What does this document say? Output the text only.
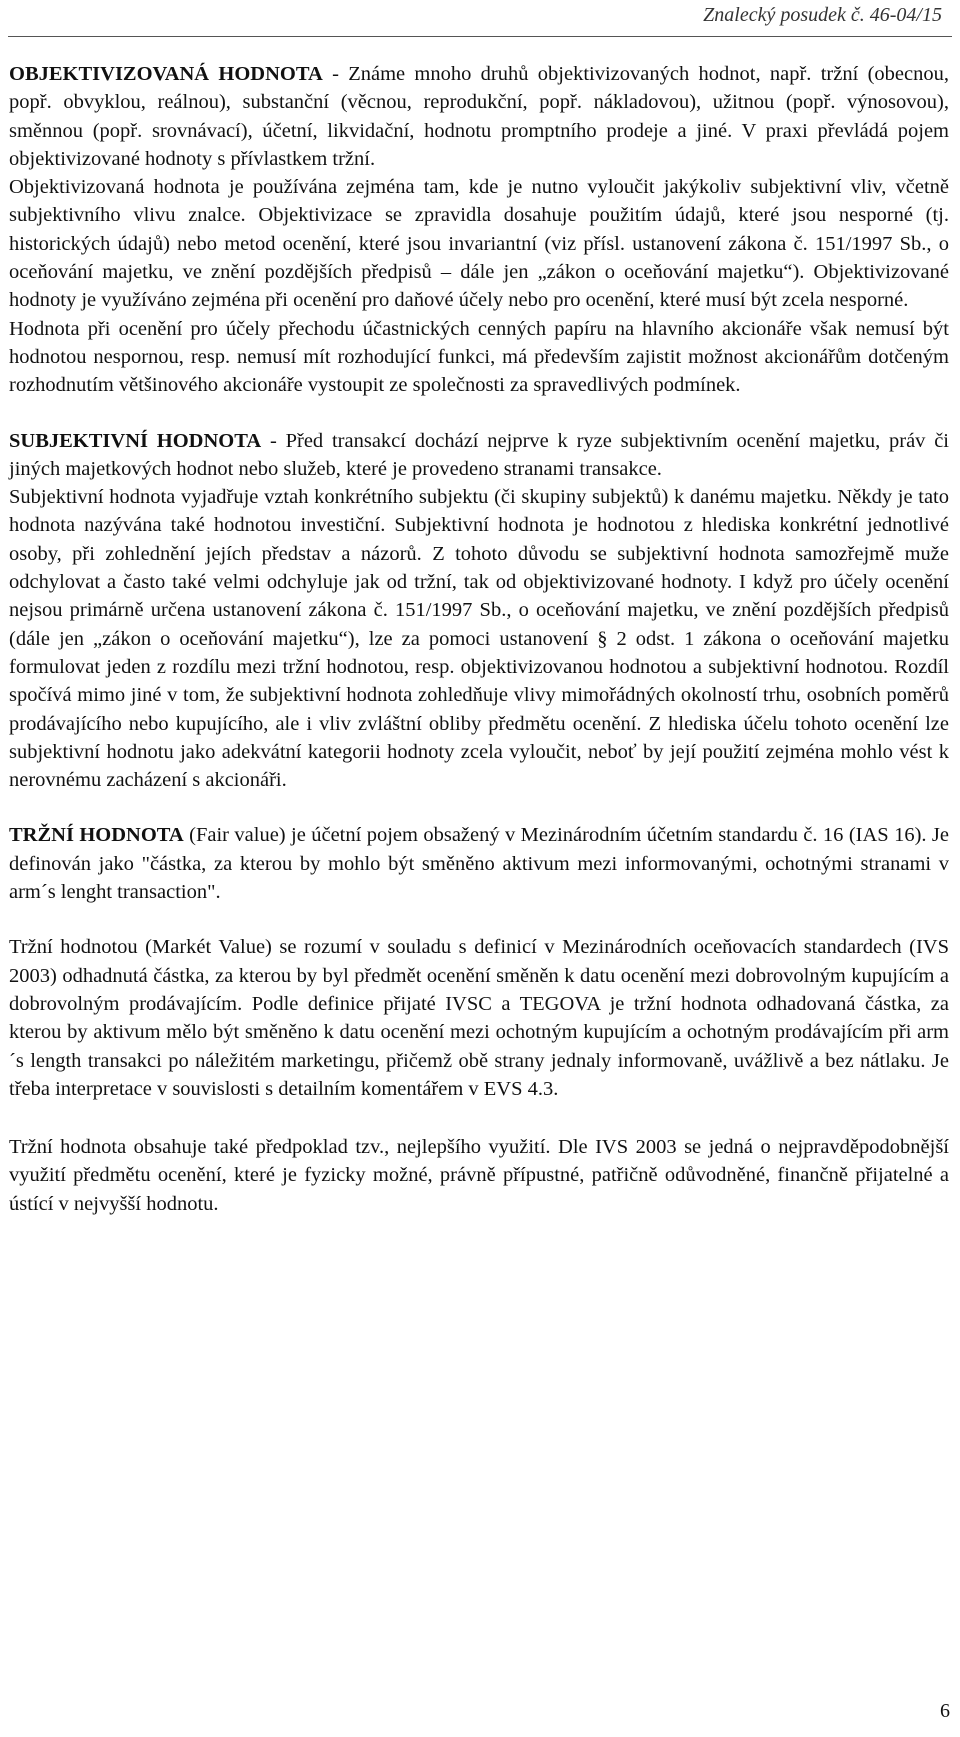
Znalecký posudek č. 46-04/15

OBJEKTIVIZOVANÁ HODNOTA - Známe mnoho druhů objektivizovaných hodnot, např. tržní (obecnou, popř. obvyklou, reálnou), substanční (věcnou, reprodukční, popř. nákladovou), užitnou (popř. výnosovou), směnnou (popř. srovnávací), účetní, likvidační, hodnotu promptního prodeje a jiné. V praxi převládá pojem objektivizované hodnoty s přívlastkem tržní.

Objektivizovaná hodnota je používána zejména tam, kde je nutno vyloučit jakýkoliv subjektivní vliv, včetně subjektivního vlivu znalce. Objektivizace se zpravidla dosahuje použitím údajů, které jsou nesporné (tj. historických údajů) nebo metod ocenění, které jsou invariantní (viz přísl. ustanovení zákona č. 151/1997 Sb., o oceňování majetku, ve znění pozdějších předpisů – dále jen „zákon o oceňování majetku“). Objektivizované hodnoty je využíváno zejména při ocenění pro daňové účely nebo pro ocenění, které musí být zcela nesporné.

Hodnota při ocenění pro účely přechodu účastnických cenných papíru na hlavního akcionáře však nemusí být hodnotou nespornou, resp. nemusí mít rozhodující funkci, má především zajistit možnost akcionářům dotčeným rozhodnutím většinového akcionáře vystoupit ze společnosti za spravedlivých podmínek.

SUBJEKTIVNÍ HODNOTA - Před transakcí dochází nejprve k ryze subjektivním ocenění majetku, práv či jiných majetkových hodnot nebo služeb, které je provedeno stranami transakce.

Subjektivní hodnota vyjadřuje vztah konkrétního subjektu (či skupiny subjektů) k danému majetku. Někdy je tato hodnota nazývána také hodnotou investiční. Subjektivní hodnota je hodnotou z hlediska konkrétní jednotlivé osoby, při zohlednění jejích představ a názorů. Z tohoto důvodu se subjektivní hodnota samozřejmě muže odchylovat a často také velmi odchyluje jak od tržní, tak od objektivizované hodnoty. I když pro účely ocenění nejsou primárně určena ustanovení zákona č. 151/1997 Sb., o oceňování majetku, ve znění pozdějších předpisů (dále jen „zákon o oceňování majetku“), lze za pomoci ustanovení § 2 odst. 1 zákona o oceňování majetku formulovat jeden z rozdílu mezi tržní hodnotou, resp. objektivizovanou hodnotou a subjektivní hodnotou. Rozdíl spočívá mimo jiné v tom, že subjektivní hodnota zohledňuje vlivy mimořádných okolností trhu, osobních poměrů prodávajícího nebo kupujícího, ale i vliv zvláštní obliby předmětu ocenění. Z hlediska účelu tohoto ocenění lze subjektivní hodnotu jako adekvátní kategorii hodnoty zcela vyloučit, neboť by její použití zejména mohlo vést k nerovnému zacházení s akcionáři.

TRŽNÍ HODNOTA (Fair value) je účetní pojem obsažený v Mezinárodním účetním standardu č. 16 (IAS 16). Je definován jako "částka, za kterou by mohlo být směněno aktivum mezi informovanými, ochotnými stranami v arm´s lenght transaction".

Tržní hodnotou (Markét Value) se rozumí v souladu s definicí v Mezinárodních oceňovacích standardech (IVS 2003) odhadnutá částka, za kterou by byl předmět ocenění směněn k datu ocenění mezi dobrovolným kupujícím a dobrovolným prodávajícím. Podle definice přijaté IVSC a TEGOVA je tržní hodnota odhadovaná částka, za kterou by aktivum mělo být směněno k datu ocenění mezi ochotným kupujícím a ochotným prodávajícím při arm´s length transakci po náležitém marketingu, přičemž obě strany jednaly informovaně, uvážlivě a bez nátlaku. Je třeba interpretace v souvislosti s detailním komentářem v EVS 4.3.

Tržní hodnota obsahuje také předpoklad tzv., nejlepšího využití. Dle IVS 2003 se jedná o nejpravděpodobnější využití předmětu ocenění, které je fyzicky možné, právně přípustné, patřičně odůvodněné, finančně přijatelné a ústící v nejvyšší hodnotu.

6
